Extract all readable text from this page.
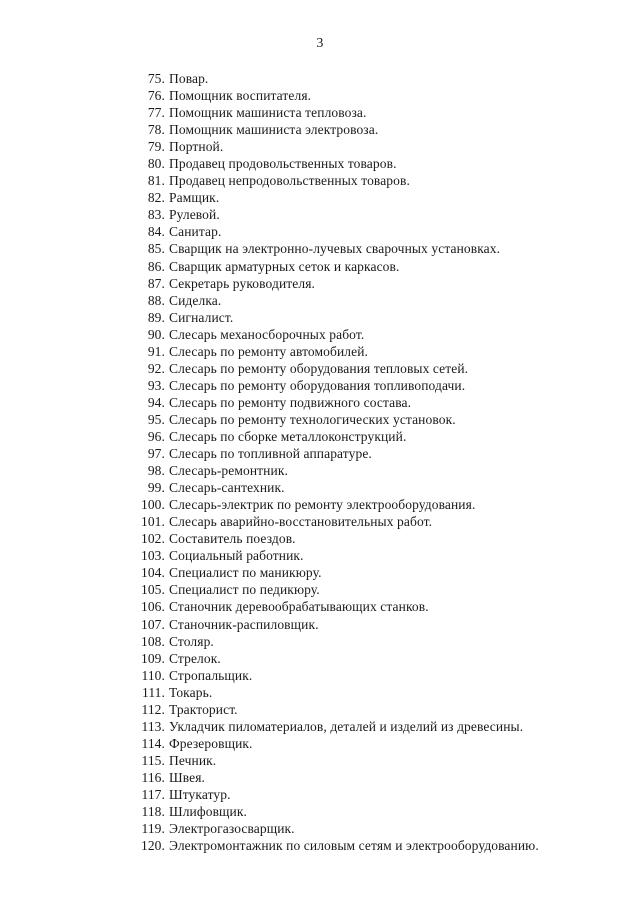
3
75. Повар.
76. Помощник воспитателя.
77. Помощник машиниста тепловоза.
78. Помощник машиниста электровоза.
79. Портной.
80. Продавец продовольственных товаров.
81. Продавец непродовольственных товаров.
82. Рамщик.
83. Рулевой.
84. Санитар.
85. Сварщик на электронно-лучевых сварочных установках.
86. Сварщик арматурных сеток и каркасов.
87. Секретарь руководителя.
88. Сиделка.
89. Сигналист.
90. Слесарь механосборочных работ.
91. Слесарь по ремонту автомобилей.
92. Слесарь по ремонту оборудования тепловых сетей.
93. Слесарь по ремонту оборудования топливоподачи.
94. Слесарь по ремонту подвижного состава.
95. Слесарь по ремонту технологических установок.
96. Слесарь по сборке металлоконструкций.
97. Слесарь по топливной аппаратуре.
98. Слесарь-ремонтник.
99. Слесарь-сантехник.
100. Слесарь-электрик по ремонту электрооборудования.
101. Слесарь аварийно-восстановительных работ.
102. Составитель поездов.
103. Социальный работник.
104. Специалист по маникюру.
105. Специалист по педикюру.
106. Станочник деревообрабатывающих станков.
107. Станочник-распиловщик.
108. Столяр.
109. Стрелок.
110. Стропальщик.
111. Токарь.
112. Тракторист.
113. Укладчик пиломатериалов, деталей и изделий из древесины.
114. Фрезеровщик.
115. Печник.
116. Швея.
117. Штукатур.
118. Шлифовщик.
119. Электрогазосварщик.
120. Электромонтажник по силовым сетям и электрооборудованию.
